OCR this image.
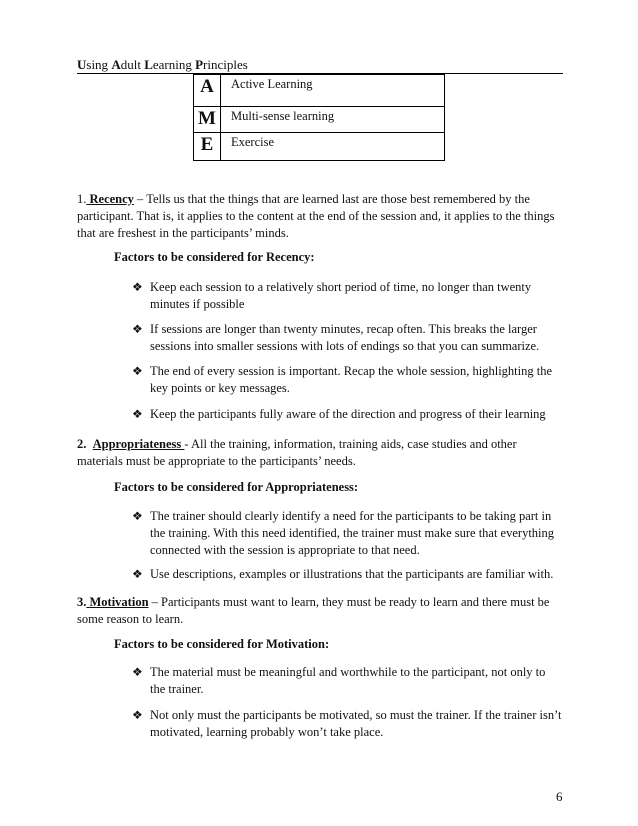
Using Adult Learning Principles
A	Active Learning
M	Multi-sense learning
E	Exercise
1. Recency – Tells us that the things that are learned last are those best remembered by the participant. That is, it applies to the content at the end of the session and, it applies to the things that are freshest in the participants’ minds.
Factors to be considered for Recency:
❖ Keep each session to a relatively short period of time, no longer than twenty minutes if possible
❖ If sessions are longer than twenty minutes, recap often. This breaks the larger sessions into smaller sessions with lots of endings so that you can summarize.
❖ The end of every session is important. Recap the whole session, highlighting the key points or key messages.
❖ Keep the participants fully aware of the direction and progress of their learning
2. Appropriateness - All the training, information, training aids, case studies and other materials must be appropriate to the participants’ needs.
Factors to be considered for Appropriateness:
❖ The trainer should clearly identify a need for the participants to be taking part in the training. With this need identified, the trainer must make sure that everything connected with the session is appropriate to that need.
❖ Use descriptions, examples or illustrations that the participants are familiar with.
3. Motivation – Participants must want to learn, they must be ready to learn and there must be some reason to learn.
Factors to be considered for Motivation:
❖ The material must be meaningful and worthwhile to the participant, not only to the trainer.
❖ Not only must the participants be motivated, so must the trainer. If the trainer isn’t motivated, learning probably won’t take place.
6
